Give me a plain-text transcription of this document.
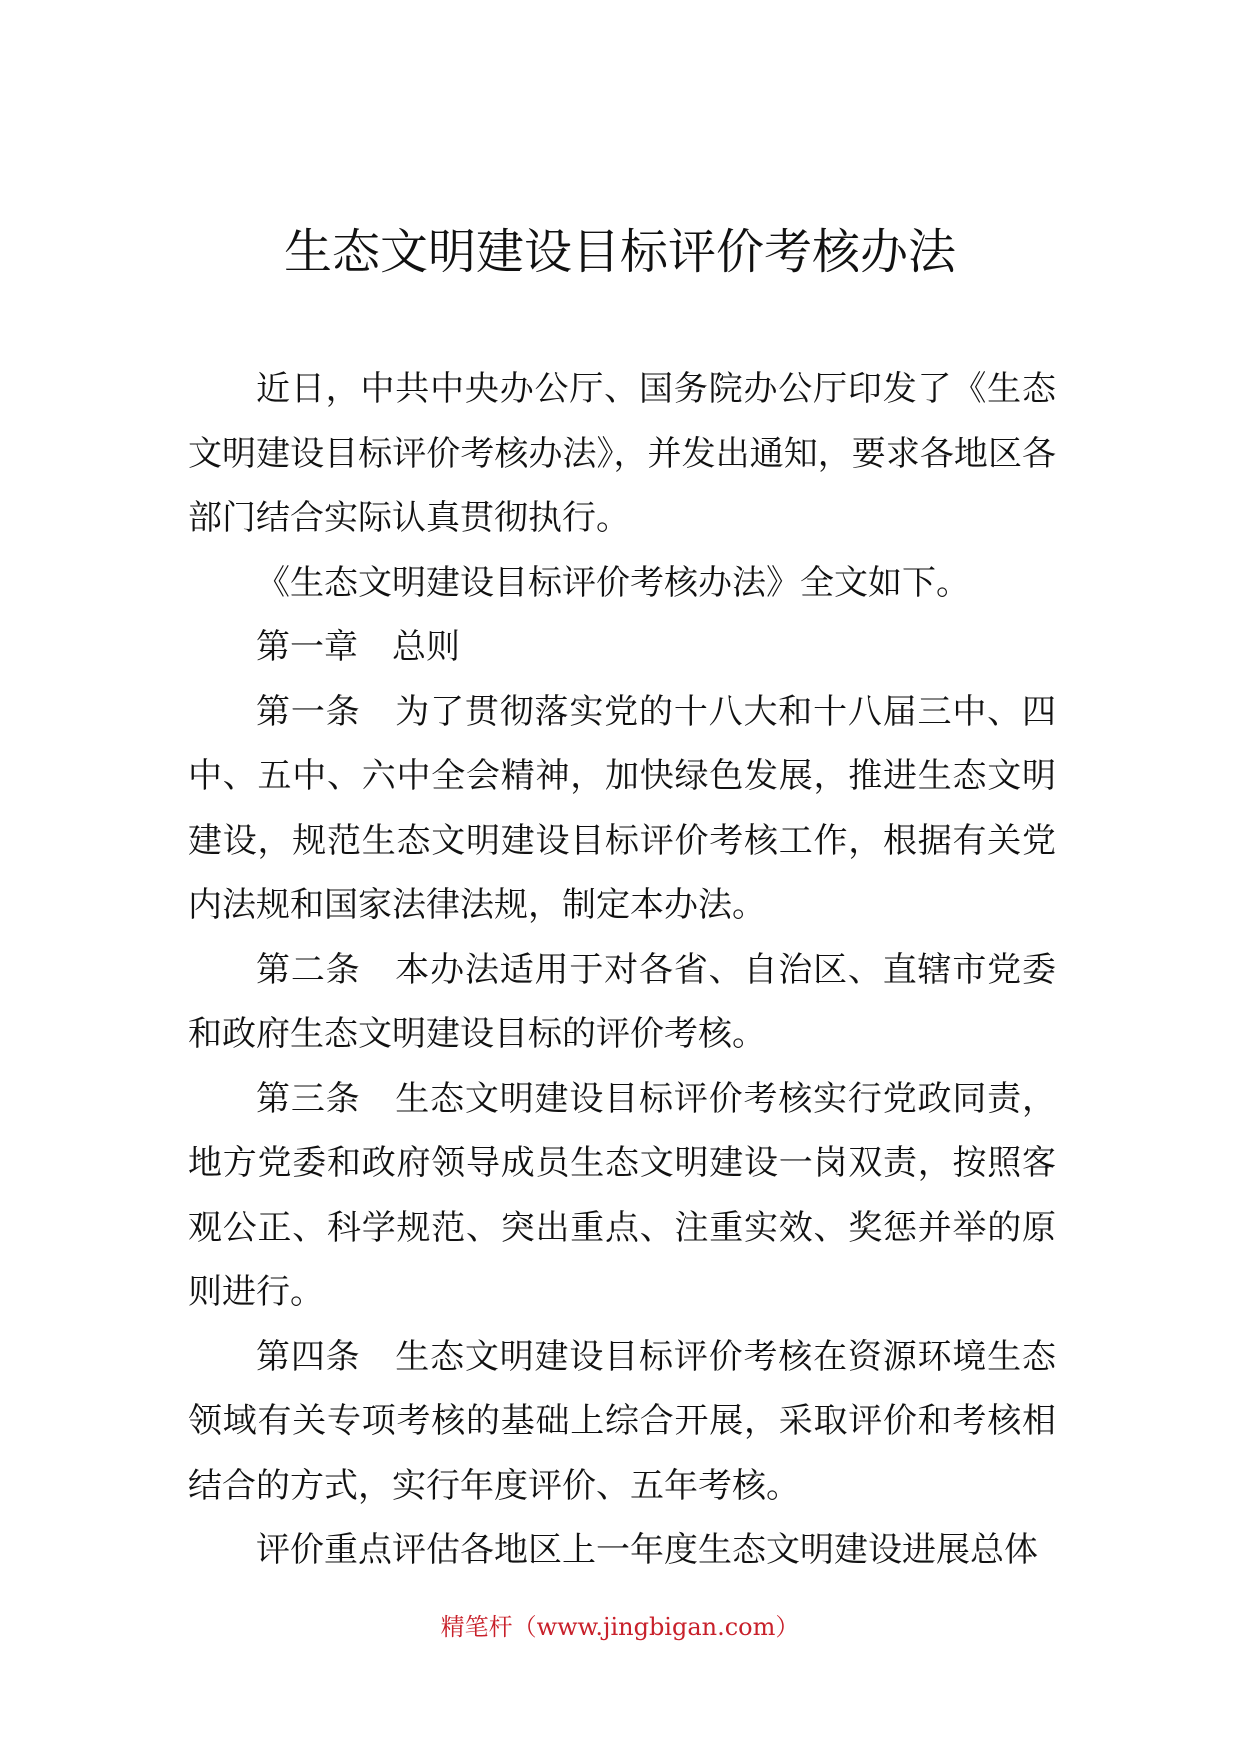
生态文明建设目标评价考核办法

近日，中共中央办公厅、国务院办公厅印发了《生态文明建设目标评价考核办法》，并发出通知，要求各地区各部门结合实际认真贯彻执行。

《生态文明建设目标评价考核办法》全文如下。

第一章　总则

第一条　为了贯彻落实党的十八大和十八届三中、四中、五中、六中全会精神，加快绿色发展，推进生态文明建设，规范生态文明建设目标评价考核工作，根据有关党内法规和国家法律法规，制定本办法。

第二条　本办法适用于对各省、自治区、直辖市党委和政府生态文明建设目标的评价考核。

第三条　生态文明建设目标评价考核实行党政同责，地方党委和政府领导成员生态文明建设一岗双责，按照客观公正、科学规范、突出重点、注重实效、奖惩并举的原则进行。

第四条　生态文明建设目标评价考核在资源环境生态领域有关专项考核的基础上综合开展，采取评价和考核相结合的方式，实行年度评价、五年考核。

评价重点评估各地区上一年度生态文明建设进展总体

精笔杆（www.jingbigan.com）
